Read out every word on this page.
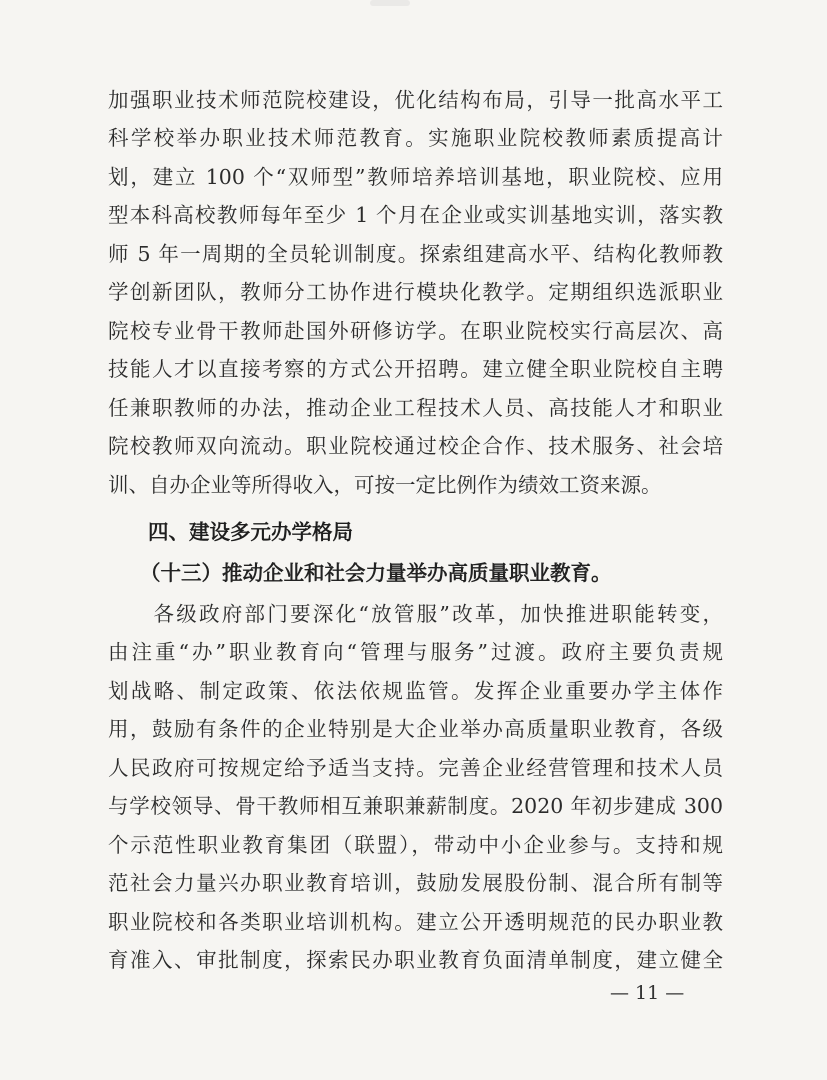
加强职业技术师范院校建设，优化结构布局，引导一批高水平工
科学校举办职业技术师范教育。实施职业院校教师素质提高计
划，建立 100 个“双师型”教师培养培训基地，职业院校、应用
型本科高校教师每年至少 1 个月在企业或实训基地实训，落实教
师 5 年一周期的全员轮训制度。探索组建高水平、结构化教师教
学创新团队，教师分工协作进行模块化教学。定期组织选派职业
院校专业骨干教师赴国外研修访学。在职业院校实行高层次、高
技能人才以直接考察的方式公开招聘。建立健全职业院校自主聘
任兼职教师的办法，推动企业工程技术人员、高技能人才和职业
院校教师双向流动。职业院校通过校企合作、技术服务、社会培
训、自办企业等所得收入，可按一定比例作为绩效工资来源。
四、建设多元办学格局
（十三）推动企业和社会力量举办高质量职业教育。
　　各级政府部门要深化“放管服”改革，加快推进职能转变，
由注重“办”职业教育向“管理与服务”过渡。政府主要负责规
划战略、制定政策、依法依规监管。发挥企业重要办学主体作
用，鼓励有条件的企业特别是大企业举办高质量职业教育，各级
人民政府可按规定给予适当支持。完善企业经营管理和技术人员
与学校领导、骨干教师相互兼职兼薪制度。2020 年初步建成 300
个示范性职业教育集团（联盟），带动中小企业参与。支持和规
范社会力量兴办职业教育培训，鼓励发展股份制、混合所有制等
职业院校和各类职业培训机构。建立公开透明规范的民办职业教
育准入、审批制度，探索民办职业教育负面清单制度，建立健全
— 11 —
